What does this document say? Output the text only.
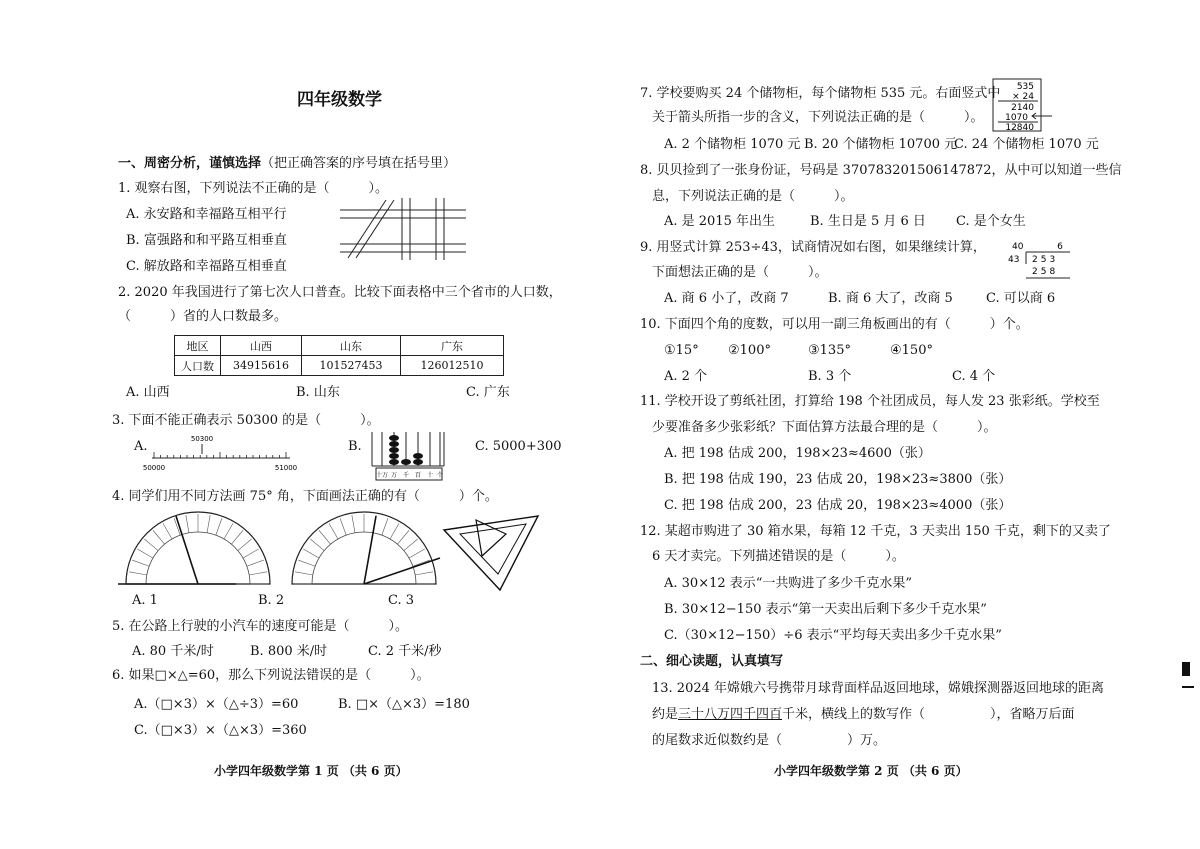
四年级数学
一、周密分析，谨慎选择（把正确答案的序号填在括号里）
1. 观察右图，下列说法不正确的是（　　　）。
A. 永安路和幸福路互相平行
B. 富强路和和平路互相垂直
C. 解放路和幸福路互相垂直
2. 2020 年我国进行了第七次人口普查。比较下面表格中三个省市的人口数，
（　　　）省的人口数最多。
地区	山西	山东	广东
人口数	34915616	101527453	126012510
A. 山西	B. 山东	C. 广东
3. 下面不能正确表示 50300 的是（　　　）。
A.	50300
50000	51000
B.
十万 万 千 百 十 个
C. 5000+300
4. 同学们用不同方法画 75° 角，下面画法正确的有（　　　）个。
A. 1	B. 2	C. 3
5. 在公路上行驶的小汽车的速度可能是（　　　）。
A. 80 千米/时	B. 800 米/时	C. 2 千米/秒
6. 如果□×△=60，那么下列说法错误的是（　　　）。
A.（□×3）×（△÷3）=60	B. □×（△×3）=180
C.（□×3）×（△×3）=360
小学四年级数学第 1 页 （共 6 页）
7. 学校要购买 24 个储物柜，每个储物柜 535 元。右面竖式中
关于箭头所指一步的含义，下列说法正确的是（　　　）。
535
× 24
2140
1070
12840
A. 2 个储物柜 1070 元 B. 20 个储物柜 10700 元
C. 24 个储物柜 1070 元
8. 贝贝捡到了一张身份证，号码是 370783201506147872，从中可以知道一些信
息，下列说法正确的是（　　　）。
A. 是 2015 年出生	B. 生日是 5 月 6 日 C. 是个女生
9. 用竖式计算 253÷43，试商情况如右图，如果继续计算，
下面想法正确的是（　　　）。
40	6
43 253
258
A. 商 6 小了，改商 7	B. 商 6 大了，改商 5	C. 可以商 6
10. 下面四个角的度数，可以用一副三角板画出的有（　　　）个。
①15° ②100°	③135°	④150°
A. 2 个	B. 3 个	C. 4 个
11. 学校开设了剪纸社团，打算给 198 个社团成员，每人发 23 张彩纸。学校至
少要准备多少张彩纸？下面估算方法最合理的是（　　　）。
A. 把 198 估成 200，198×23≈4600（张）
B. 把 198 估成 190，23 估成 20，198×23≈3800（张）
C. 把 198 估成 200，23 估成 20，198×23≈4000（张）
12. 某超市购进了 30 箱水果，每箱 12 千克，3 天卖出 150 千克，剩下的又卖了
6 天才卖完。下列描述错误的是（　　　）。
A. 30×12 表示“一共购进了多少千克水果”
B. 30×12−150 表示“第一天卖出后剩下多少千克水果”
C.（30×12−150）÷6 表示“平均每天卖出多少千克水果”
二、细心读题，认真填写
13. 2024 年嫦娥六号携带月球背面样品返回地球，嫦娥探测器返回地球的距离
约是三十八万四千四百千米，横线上的数写作（　　　　　），省略万后面
的尾数求近似数约是（　　　　　）万。
小学四年级数学第 2 页 （共 6 页）
